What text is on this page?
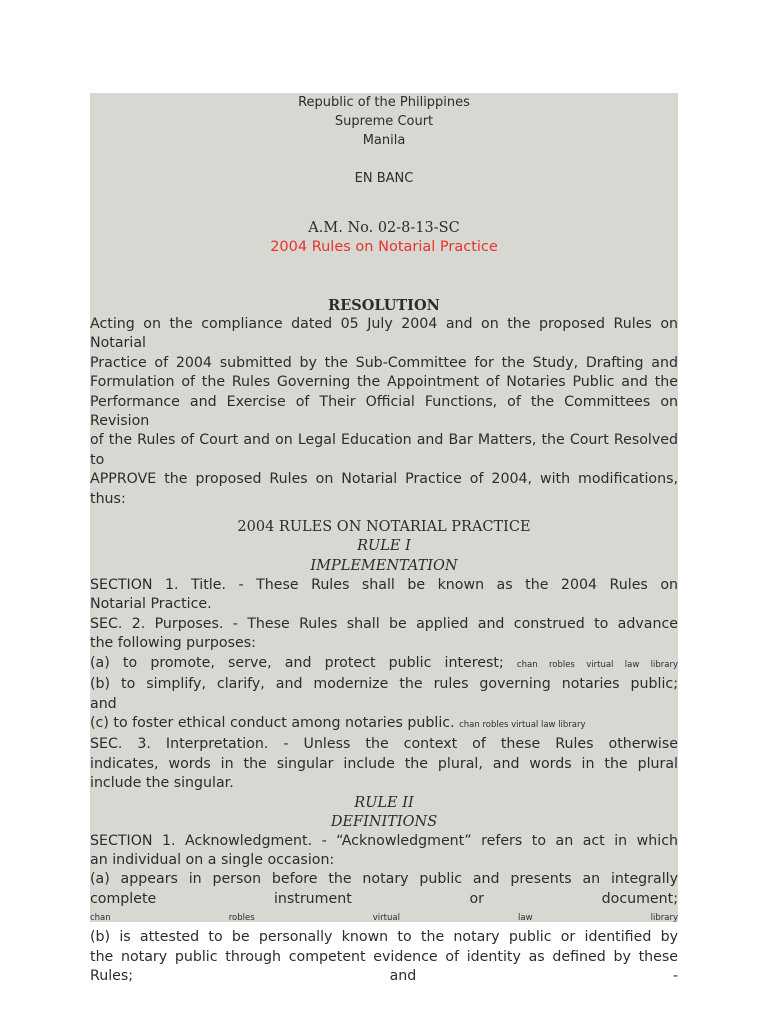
Republic of the Philippines
Supreme Court
Manila
EN BANC
A.M. No. 02-8-13-SC
2004 Rules on Notarial Practice
RESOLUTION
Acting on the compliance dated 05 July 2004 and on the proposed Rules on Notarial
Practice of 2004 submitted by the Sub-Committee for the Study, Drafting and
Formulation of the Rules Governing the Appointment of Notaries Public and the
Performance and Exercise of Their Official Functions, of the Committees on Revision
of the Rules of Court and on Legal Education and Bar Matters, the Court Resolved to
APPROVE the proposed Rules on Notarial Practice of 2004, with modifications,
thus:
2004 RULES ON NOTARIAL PRACTICE
RULE I
IMPLEMENTATION
SECTION 1. Title. - These Rules shall be known as the 2004 Rules on
Notarial Practice.
SEC. 2. Purposes. - These Rules shall be applied and construed to advance
the following purposes:
(a) to promote, serve, and protect public interest; chan robles virtual law library
(b) to simplify, clarify, and modernize the rules governing notaries public;
and
(c) to foster ethical conduct among notaries public. chan robles virtual law library
SEC. 3. Interpretation. - Unless the context of these Rules otherwise
indicates, words in the singular include the plural, and words in the plural
include the singular.
RULE II
DEFINITIONS
SECTION 1. Acknowledgment. - “Acknowledgment” refers to an act in which
an individual on a single occasion:
(a) appears in person before the notary public and presents an integrally
complete instrument or document;
chan robles virtual law library
(b) is attested to be personally known to the notary public or identified by
the notary public through competent evidence of identity as defined by these
Rules; and -
